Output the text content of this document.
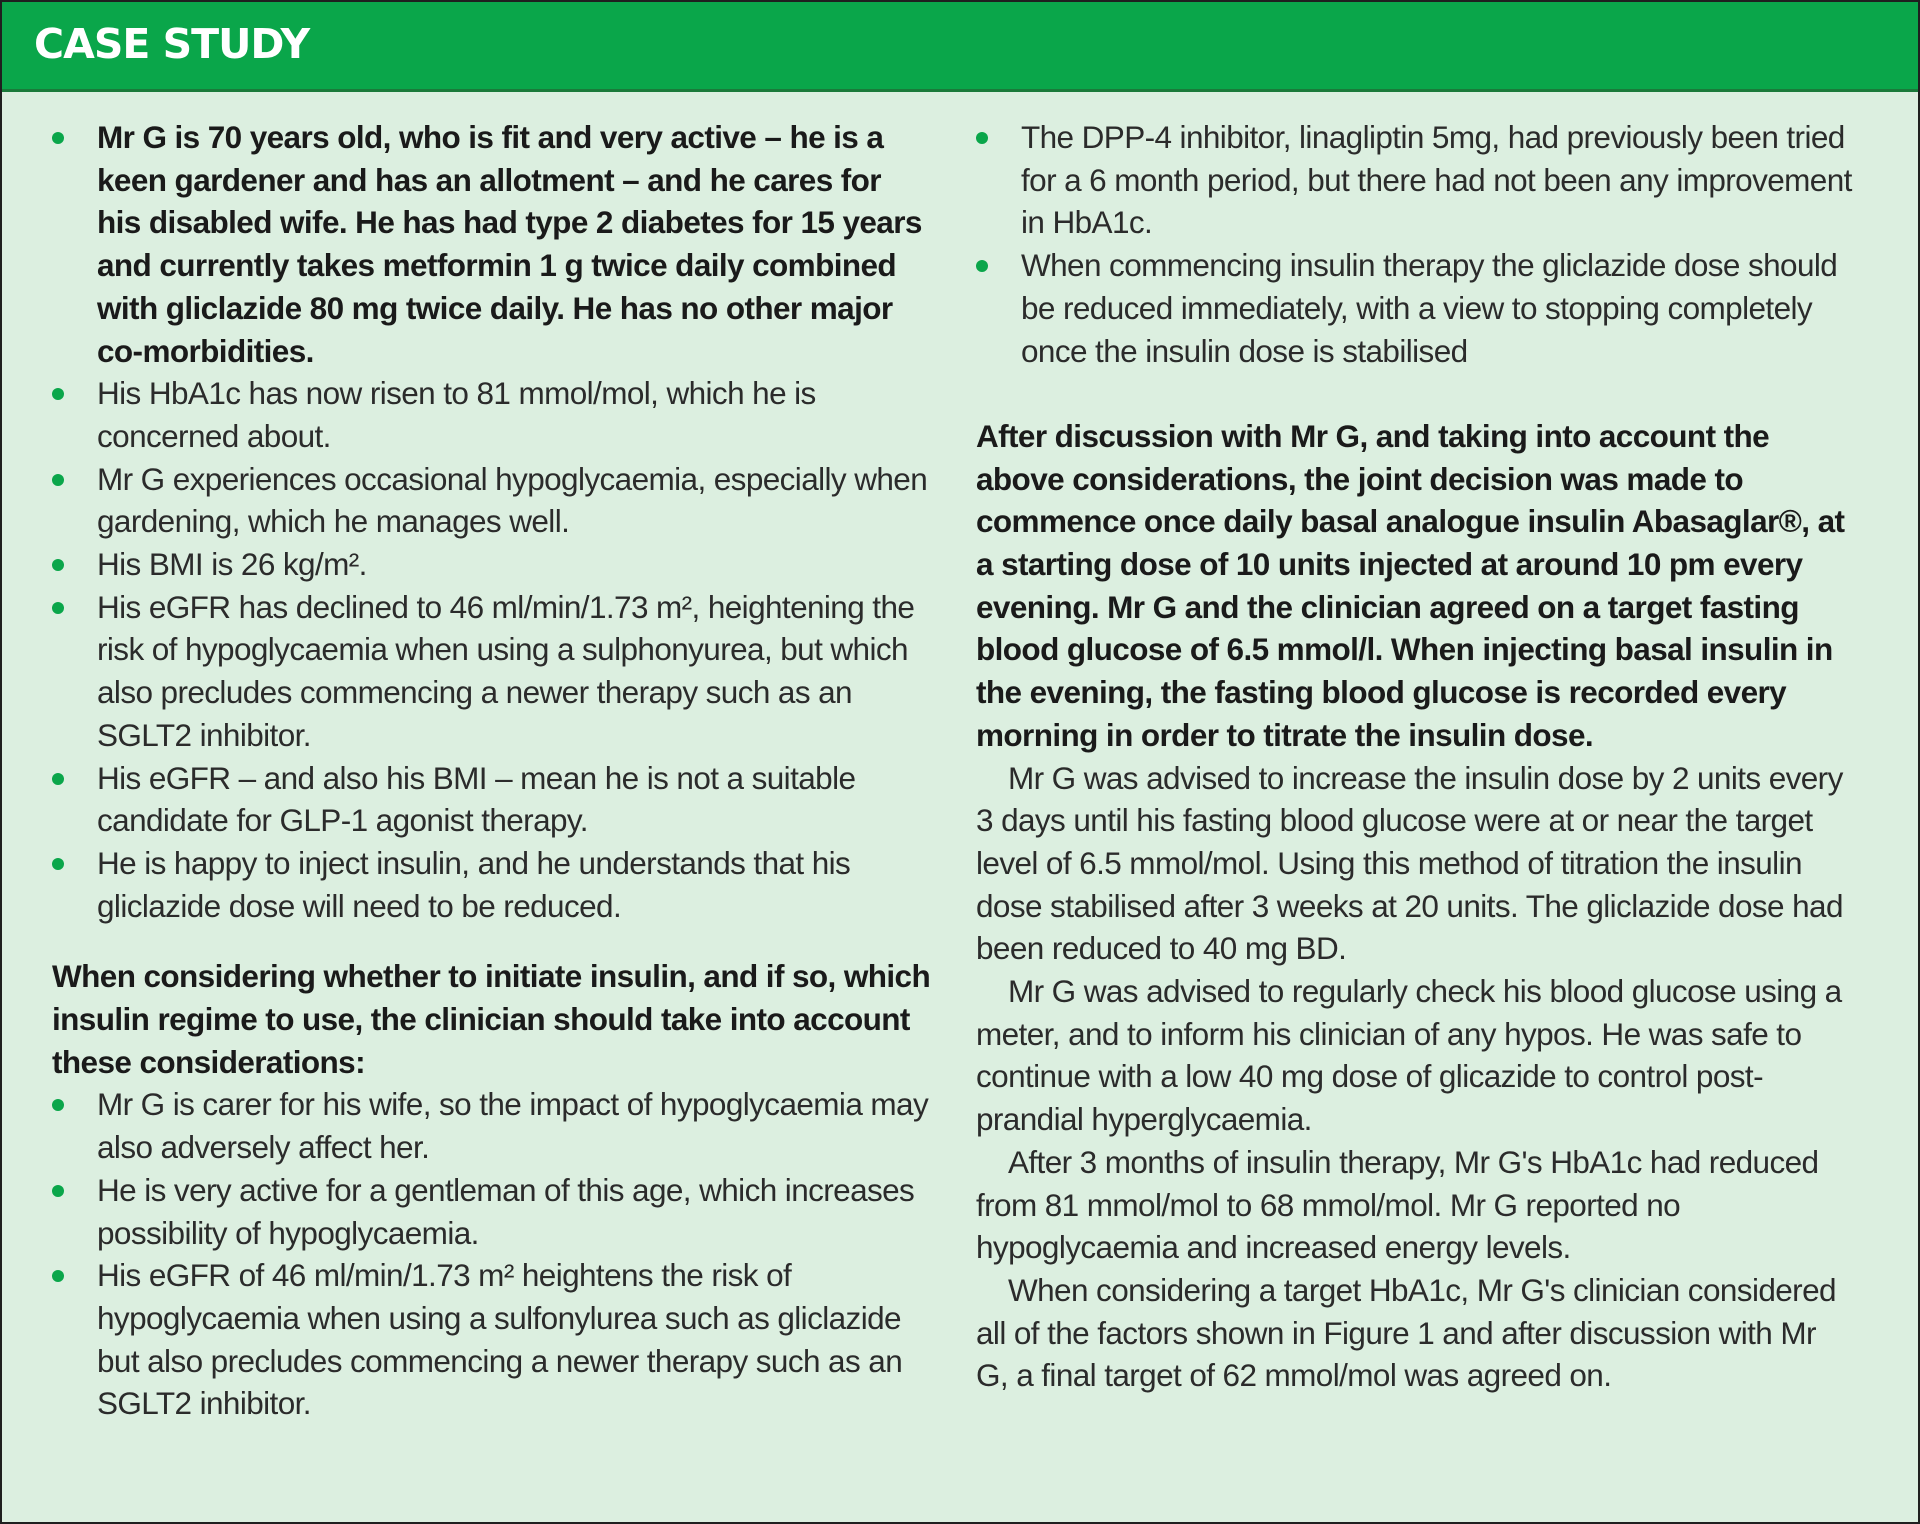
CASE STUDY
Mr G is 70 years old, who is fit and very active – he is a keen gardener and has an allotment – and he cares for his disabled wife. He has had type 2 diabetes for 15 years and currently takes metformin 1 g twice daily combined with gliclazide 80 mg twice daily. He has no other major co-morbidities.
His HbA1c has now risen to 81 mmol/mol, which he is concerned about.
Mr G experiences occasional hypoglycaemia, especially when gardening, which he manages well.
His BMI is 26 kg/m².
His eGFR has declined to 46 ml/min/1.73 m², heightening the risk of hypoglycaemia when using a sulphonyurea, but which also precludes commencing a newer therapy such as an SGLT2 inhibitor.
His eGFR – and also his BMI – mean he is not a suitable candidate for GLP-1 agonist therapy.
He is happy to inject insulin, and he understands that his gliclazide dose will need to be reduced.

When considering whether to initiate insulin, and if so, which insulin regime to use, the clinician should take into account these considerations:

Mr G is carer for his wife, so the impact of hypoglycaemia may also adversely affect her.
He is very active for a gentleman of this age, which increases possibility of hypoglycaemia.
His eGFR of 46 ml/min/1.73 m² heightens the risk of hypoglycaemia when using a sulfonylurea such as gliclazide but also precludes commencing a newer therapy such as an SGLT2 inhibitor.
The DPP-4 inhibitor, linagliptin 5mg, had previously been tried for a 6 month period, but there had not been any improvement in HbA1c.
When commencing insulin therapy the gliclazide dose should be reduced immediately, with a view to stopping completely once the insulin dose is stabilised

After discussion with Mr G, and taking into account the above considerations, the joint decision was made to commence once daily basal analogue insulin Abasaglar®, at a starting dose of 10 units injected at around 10 pm every evening. Mr G and the clinician agreed on a target fasting blood glucose of 6.5 mmol/l. When injecting basal insulin in the evening, the fasting blood glucose is recorded every morning in order to titrate the insulin dose.

Mr G was advised to increase the insulin dose by 2 units every 3 days until his fasting blood glucose were at or near the target level of 6.5 mmol/mol. Using this method of titration the insulin dose stabilised after 3 weeks at 20 units. The gliclazide dose had been reduced to 40 mg BD.

Mr G was advised to regularly check his blood glucose using a meter, and to inform his clinician of any hypos. He was safe to continue with a low 40 mg dose of glicazide to control post-prandial hyperglycaemia.

After 3 months of insulin therapy, Mr G's HbA1c had reduced from 81 mmol/mol to 68 mmol/mol. Mr G reported no hypoglycaemia and increased energy levels.

When considering a target HbA1c, Mr G's clinician considered all of the factors shown in Figure 1 and after discussion with Mr G, a final target of 62 mmol/mol was agreed on.
